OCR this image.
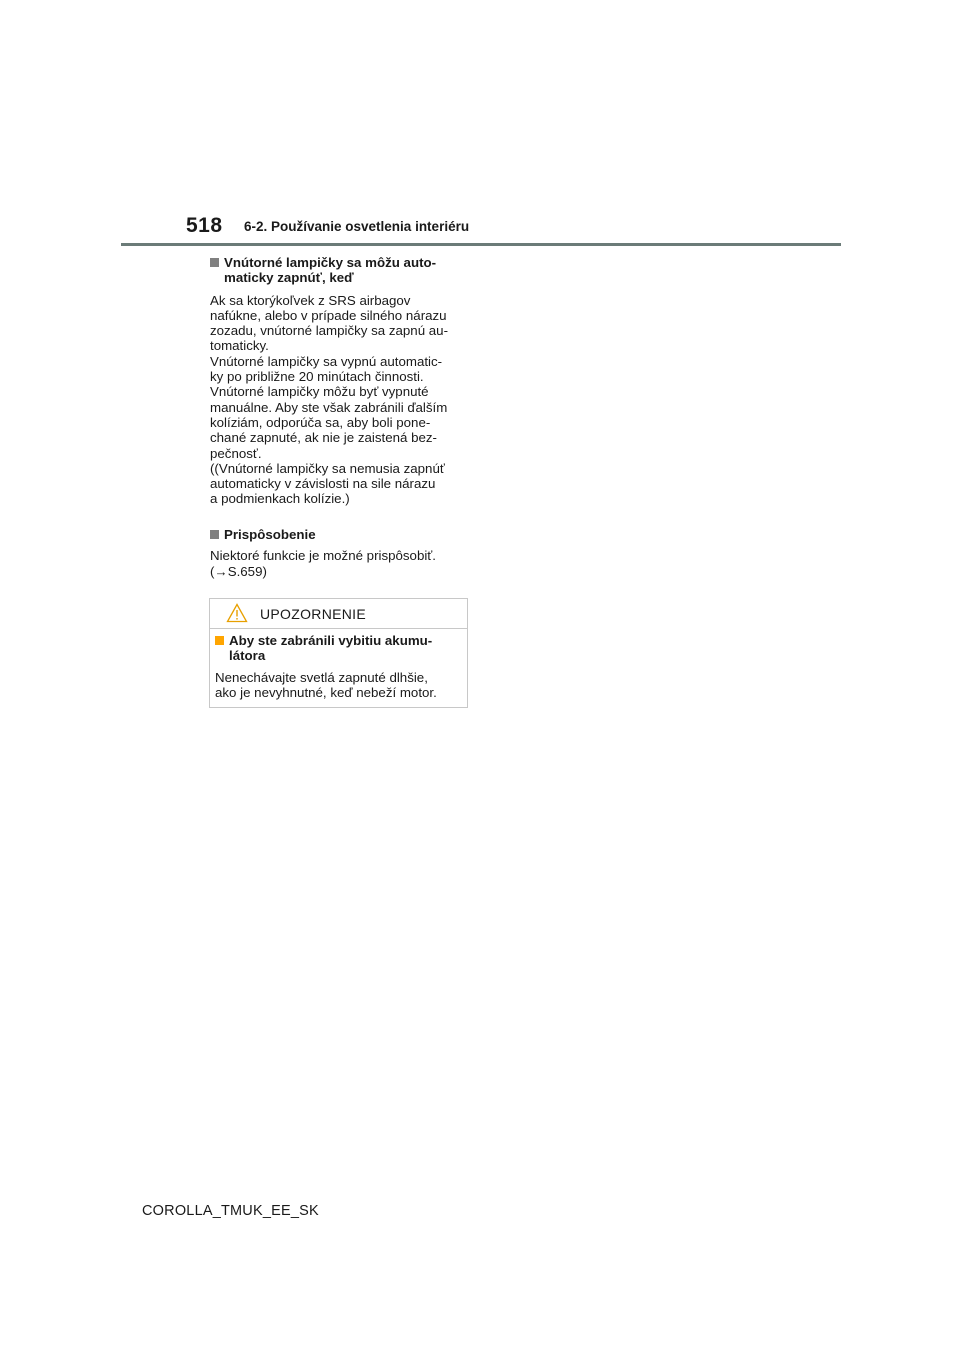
518 6-2. Používanie osvetlenia interiéru
Vnútorné lampičky sa môžu auto-
maticky zapnúť, keď
Ak sa ktorýkoľvek z SRS airbagov
nafúkne, alebo v prípade silného nárazu
zozadu, vnútorné lampičky sa zapnú au-
tomaticky.
Vnútorné lampičky sa vypnú automatic-
ky po približne 20 minútach činnosti.
Vnútorné lampičky môžu byť vypnuté
manuálne. Aby ste však zabránili ďalším
kolíziám, odporúča sa, aby boli pone-
chané zapnuté, ak nie je zaistená bez-
pečnosť.
((Vnútorné lampičky sa nemusia zapnúť
automaticky v závislosti na sile nárazu
a podmienkach kolízie.)
Prispôsobenie
Niektoré funkcie je možné prispôsobiť.
(→S.659)
UPOZORNENIE
Aby ste zabránili vybitiu akumu-
látora
Nenechávajte svetlá zapnuté dlhšie,
ako je nevyhnutné, keď nebeží motor.
COROLLA_TMUK_EE_SK
